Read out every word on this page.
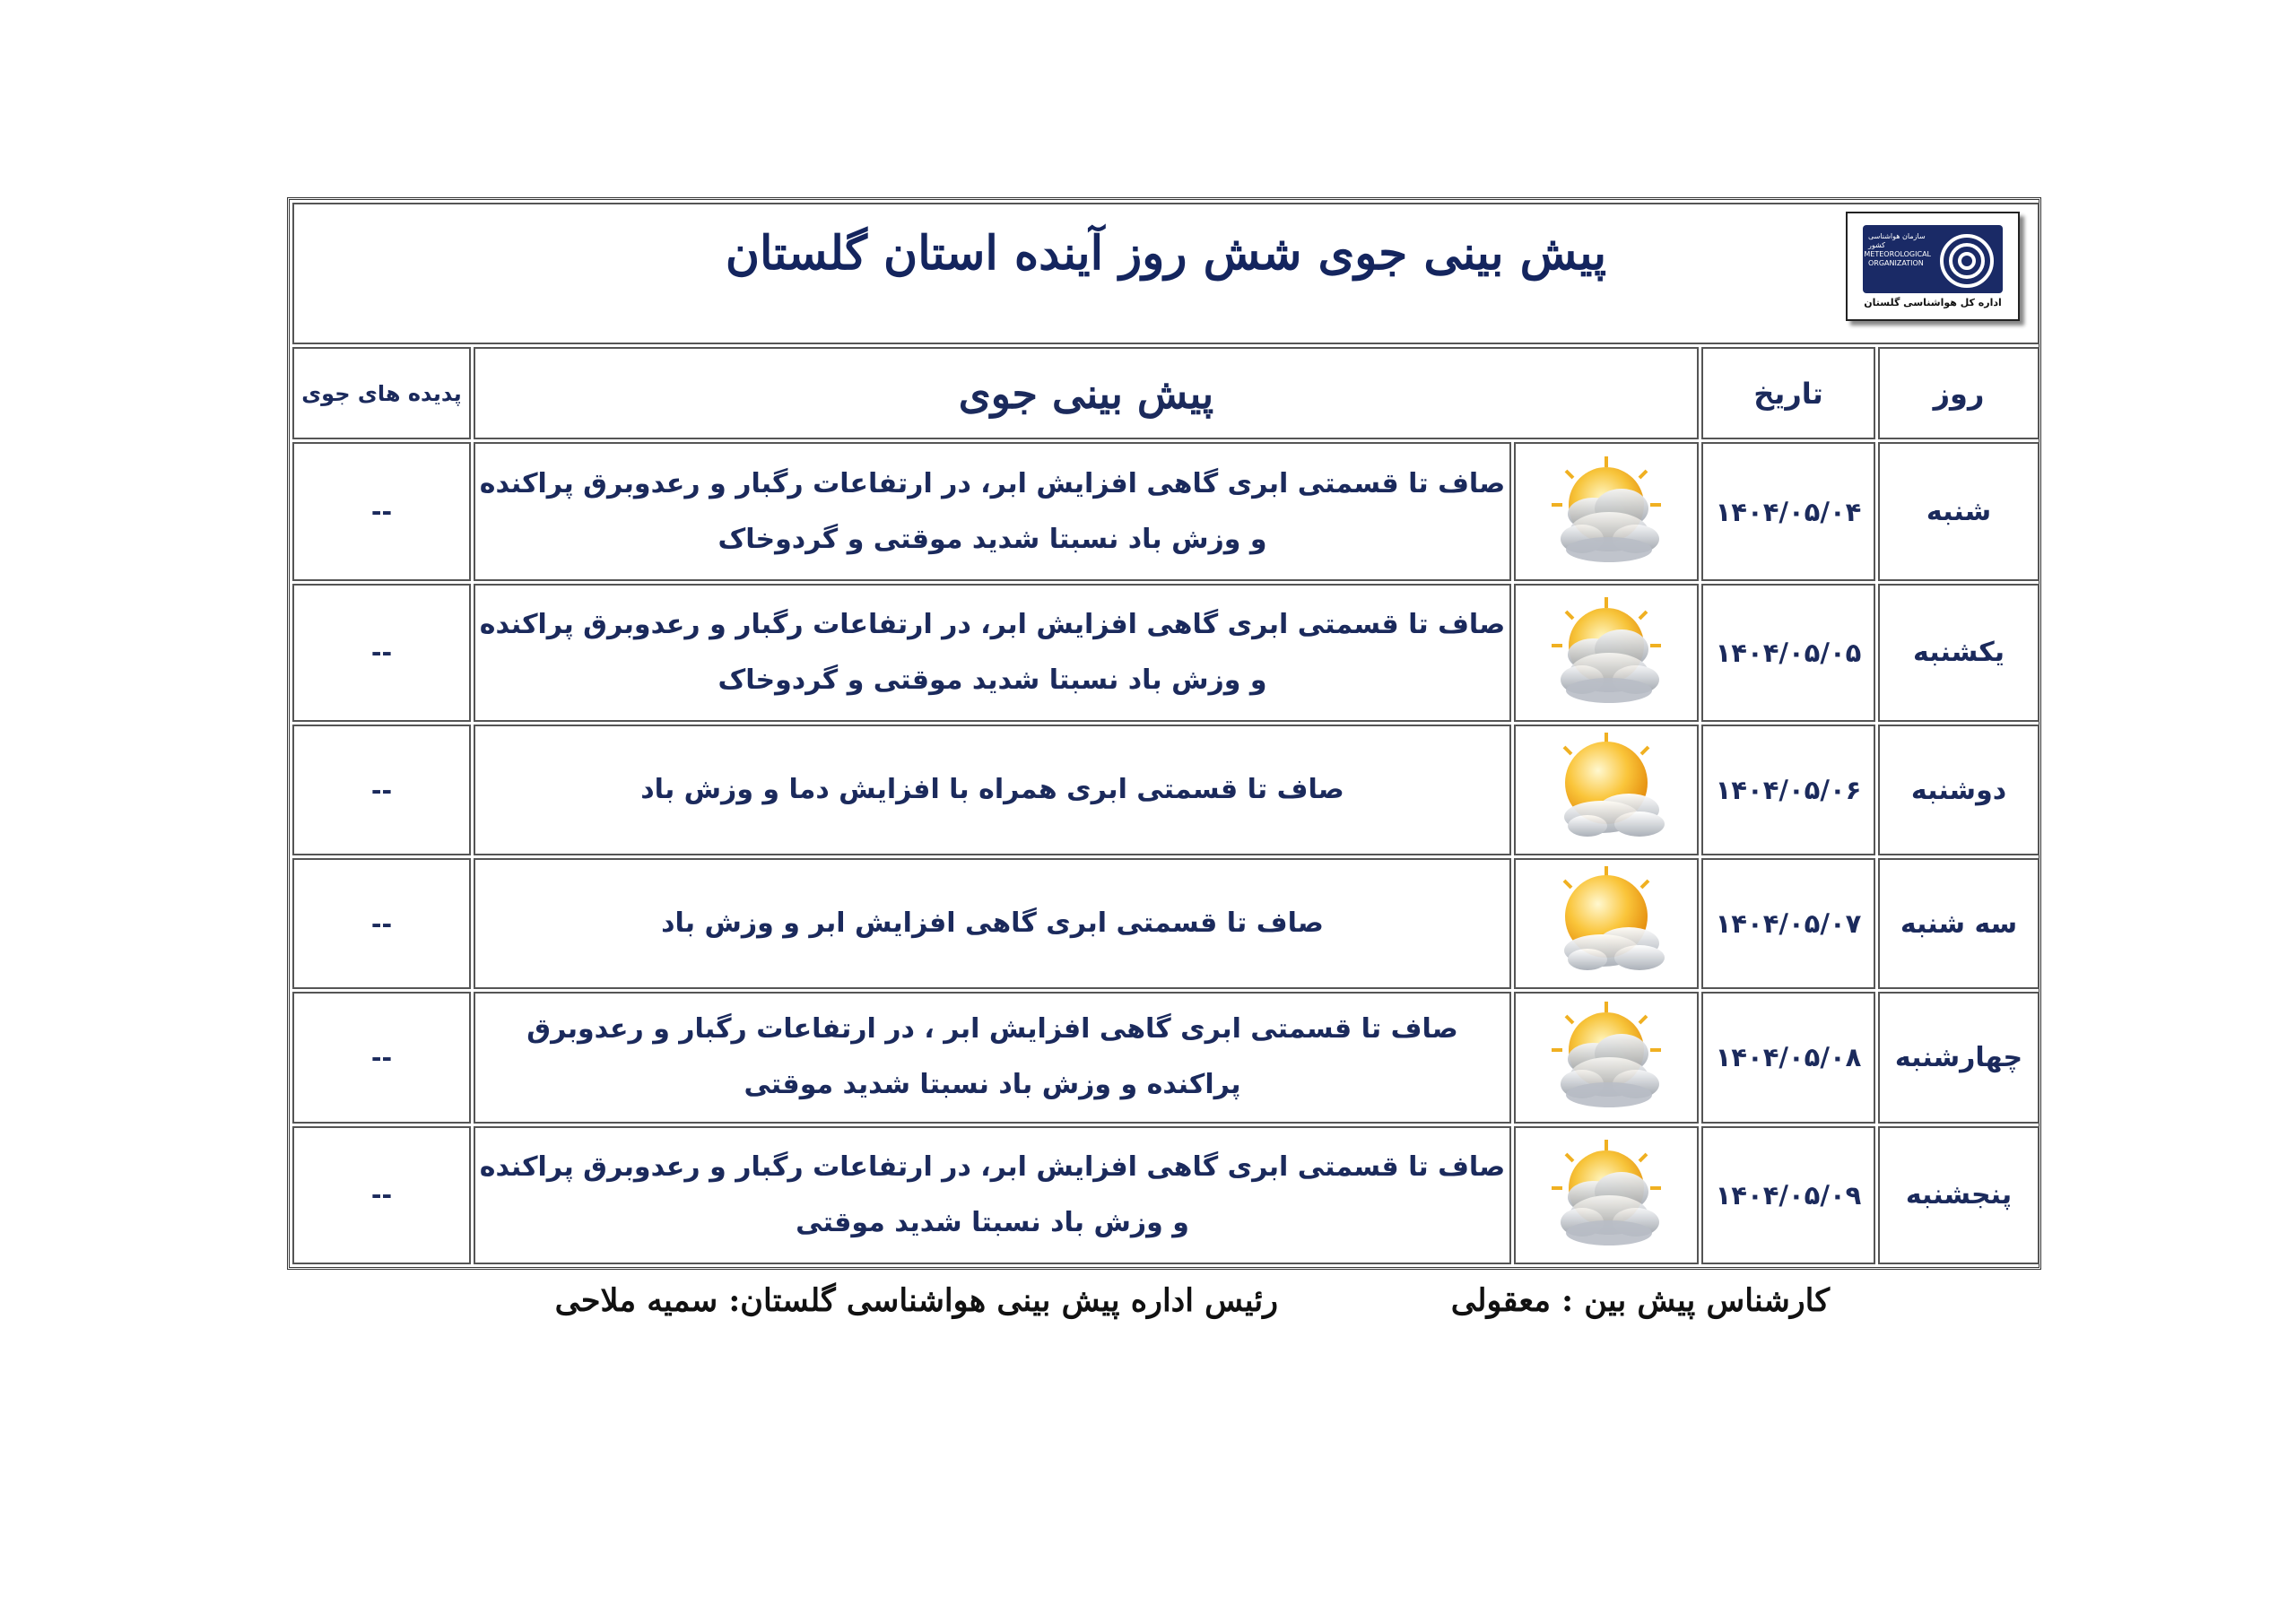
سازمان هواشناسی کشور METEOROLOGICAL ORGANIZATION
اداره کل هواشناسی گلستان
پیش بینی جوی شش روز آینده استان گلستان				

روز	تاریخ	پیش بینی جوی		پدیده های جوی
شنبه	۱۴۰۴/۰۵/۰۴		صاف تا قسمتی ابری گاهی افزایش ابر، در ارتفاعات رگبار و رعدوبرق پراکنده و وزش باد نسبتا شدید موقتی و گردوخاک	--
یکشنبه	۱۴۰۴/۰۵/۰۵		صاف تا قسمتی ابری گاهی افزایش ابر، در ارتفاعات رگبار و رعدوبرق پراکنده و وزش باد نسبتا شدید موقتی و گردوخاک	--
دوشنبه	۱۴۰۴/۰۵/۰۶		صاف تا قسمتی ابری همراه با افزایش دما و وزش باد	--
سه شنبه	۱۴۰۴/۰۵/۰۷		صاف تا قسمتی ابری گاهی افزایش ابر و وزش باد	--
چهارشنبه	۱۴۰۴/۰۵/۰۸		صاف تا قسمتی ابری گاهی افزایش ابر ، در ارتفاعات رگبار و رعدوبرق پراکنده و وزش باد نسبتا شدید موقتی	--
پنجشنبه	۱۴۰۴/۰۵/۰۹		صاف تا قسمتی ابری گاهی افزایش ابر، در ارتفاعات رگبار و رعدوبرق پراکنده و وزش باد نسبتا شدید موقتی	--
کارشناس پیش بین : معقولی
رئیس اداره پیش بینی هواشناسی گلستان: سمیه ملاحی
